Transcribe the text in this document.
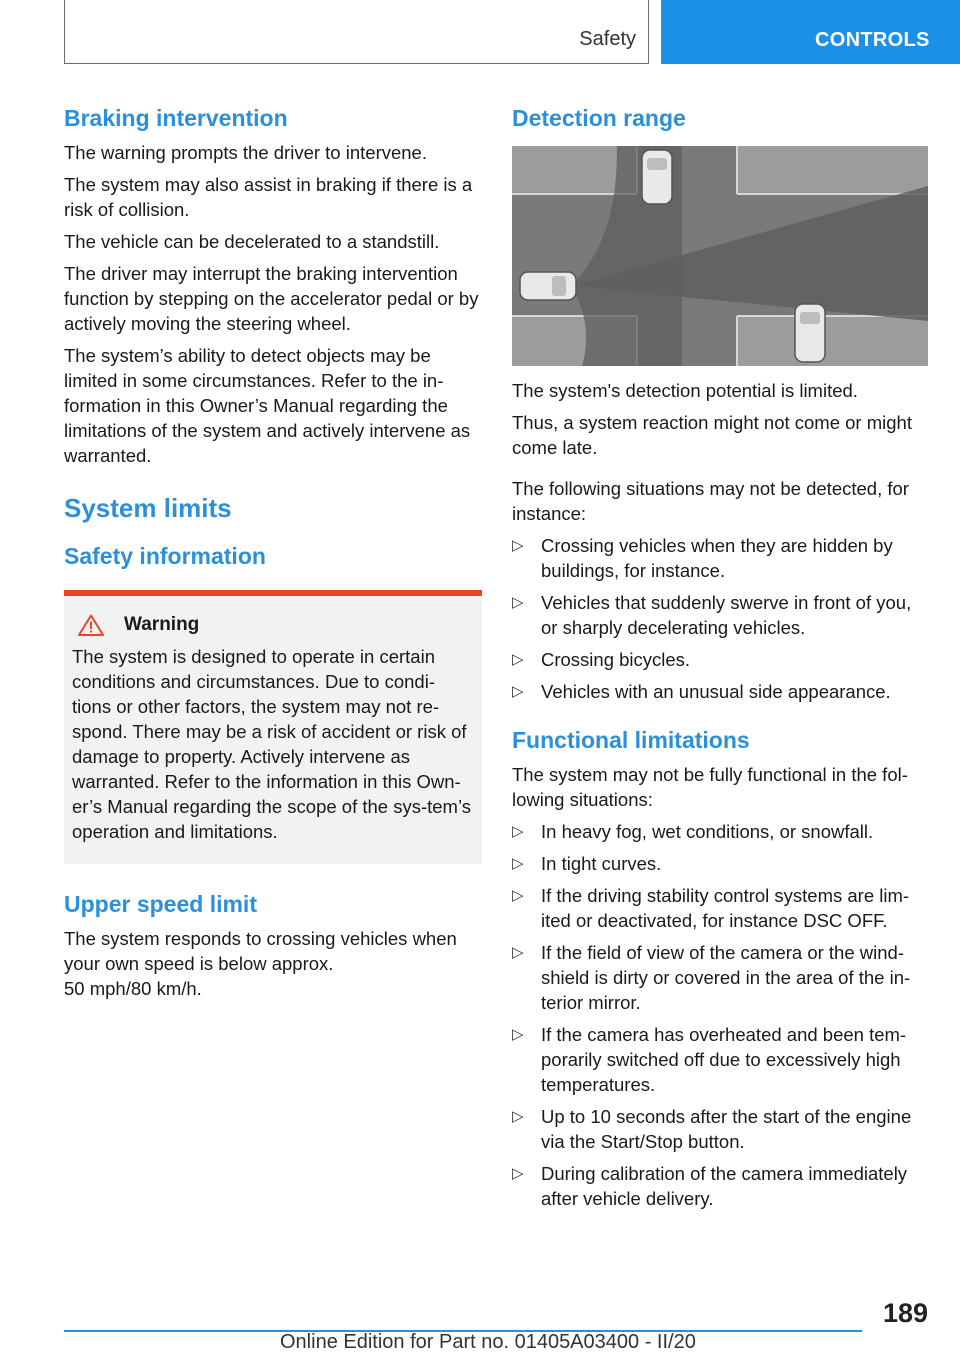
Safety	CONTROLS
Braking intervention

The warning prompts the driver to intervene.

The system may also assist in braking if there is a risk of collision.

The vehicle can be decelerated to a standstill.

The driver may interrupt the braking intervention function by stepping on the accelerator pedal or by actively moving the steering wheel.

The system’s ability to detect objects may be limited in some circumstances. Refer to the in-formation in this Owner’s Manual regarding the limitations of the system and actively intervene as warranted.

System limits
Safety information
Warning

The system is designed to operate in certain conditions and circumstances. Due to condi-tions or other factors, the system may not re-spond. There may be a risk of accident or risk of damage to property. Actively intervene as warranted. Refer to the information in this Own-er’s Manual regarding the scope of the sys-tem’s operation and limitations.

Upper speed limit

The system responds to crossing vehicles when your own speed is below approx.

50 mph/80 km/h.

Detection range

The system's detection potential is limited.

Thus, a system reaction might not come or might come late.

The following situations may not be detected, for instance:

▷ Crossing vehicles when they are hidden by buildings, for instance.
▷ Vehicles that suddenly swerve in front of you, or sharply decelerating vehicles.
▷ Crossing bicycles.
▷ Vehicles with an unusual side appearance.
Functional limitations

The system may not be fully functional in the fol-lowing situations:

▷ In heavy fog, wet conditions, or snowfall.
▷ In tight curves.
▷ If the driving stability control systems are lim-ited or deactivated, for instance DSC OFF.
▷ If the field of view of the camera or the wind-shield is dirty or covered in the area of the in-terior mirror.
▷ If the camera has overheated and been tem-porarily switched off due to excessively high temperatures.
▷ Up to 10 seconds after the start of the engine via the Start/Stop button.
▷ During calibration of the camera immediately after vehicle delivery.
189
Online Edition for Part no. 01405A03400 - II/20
